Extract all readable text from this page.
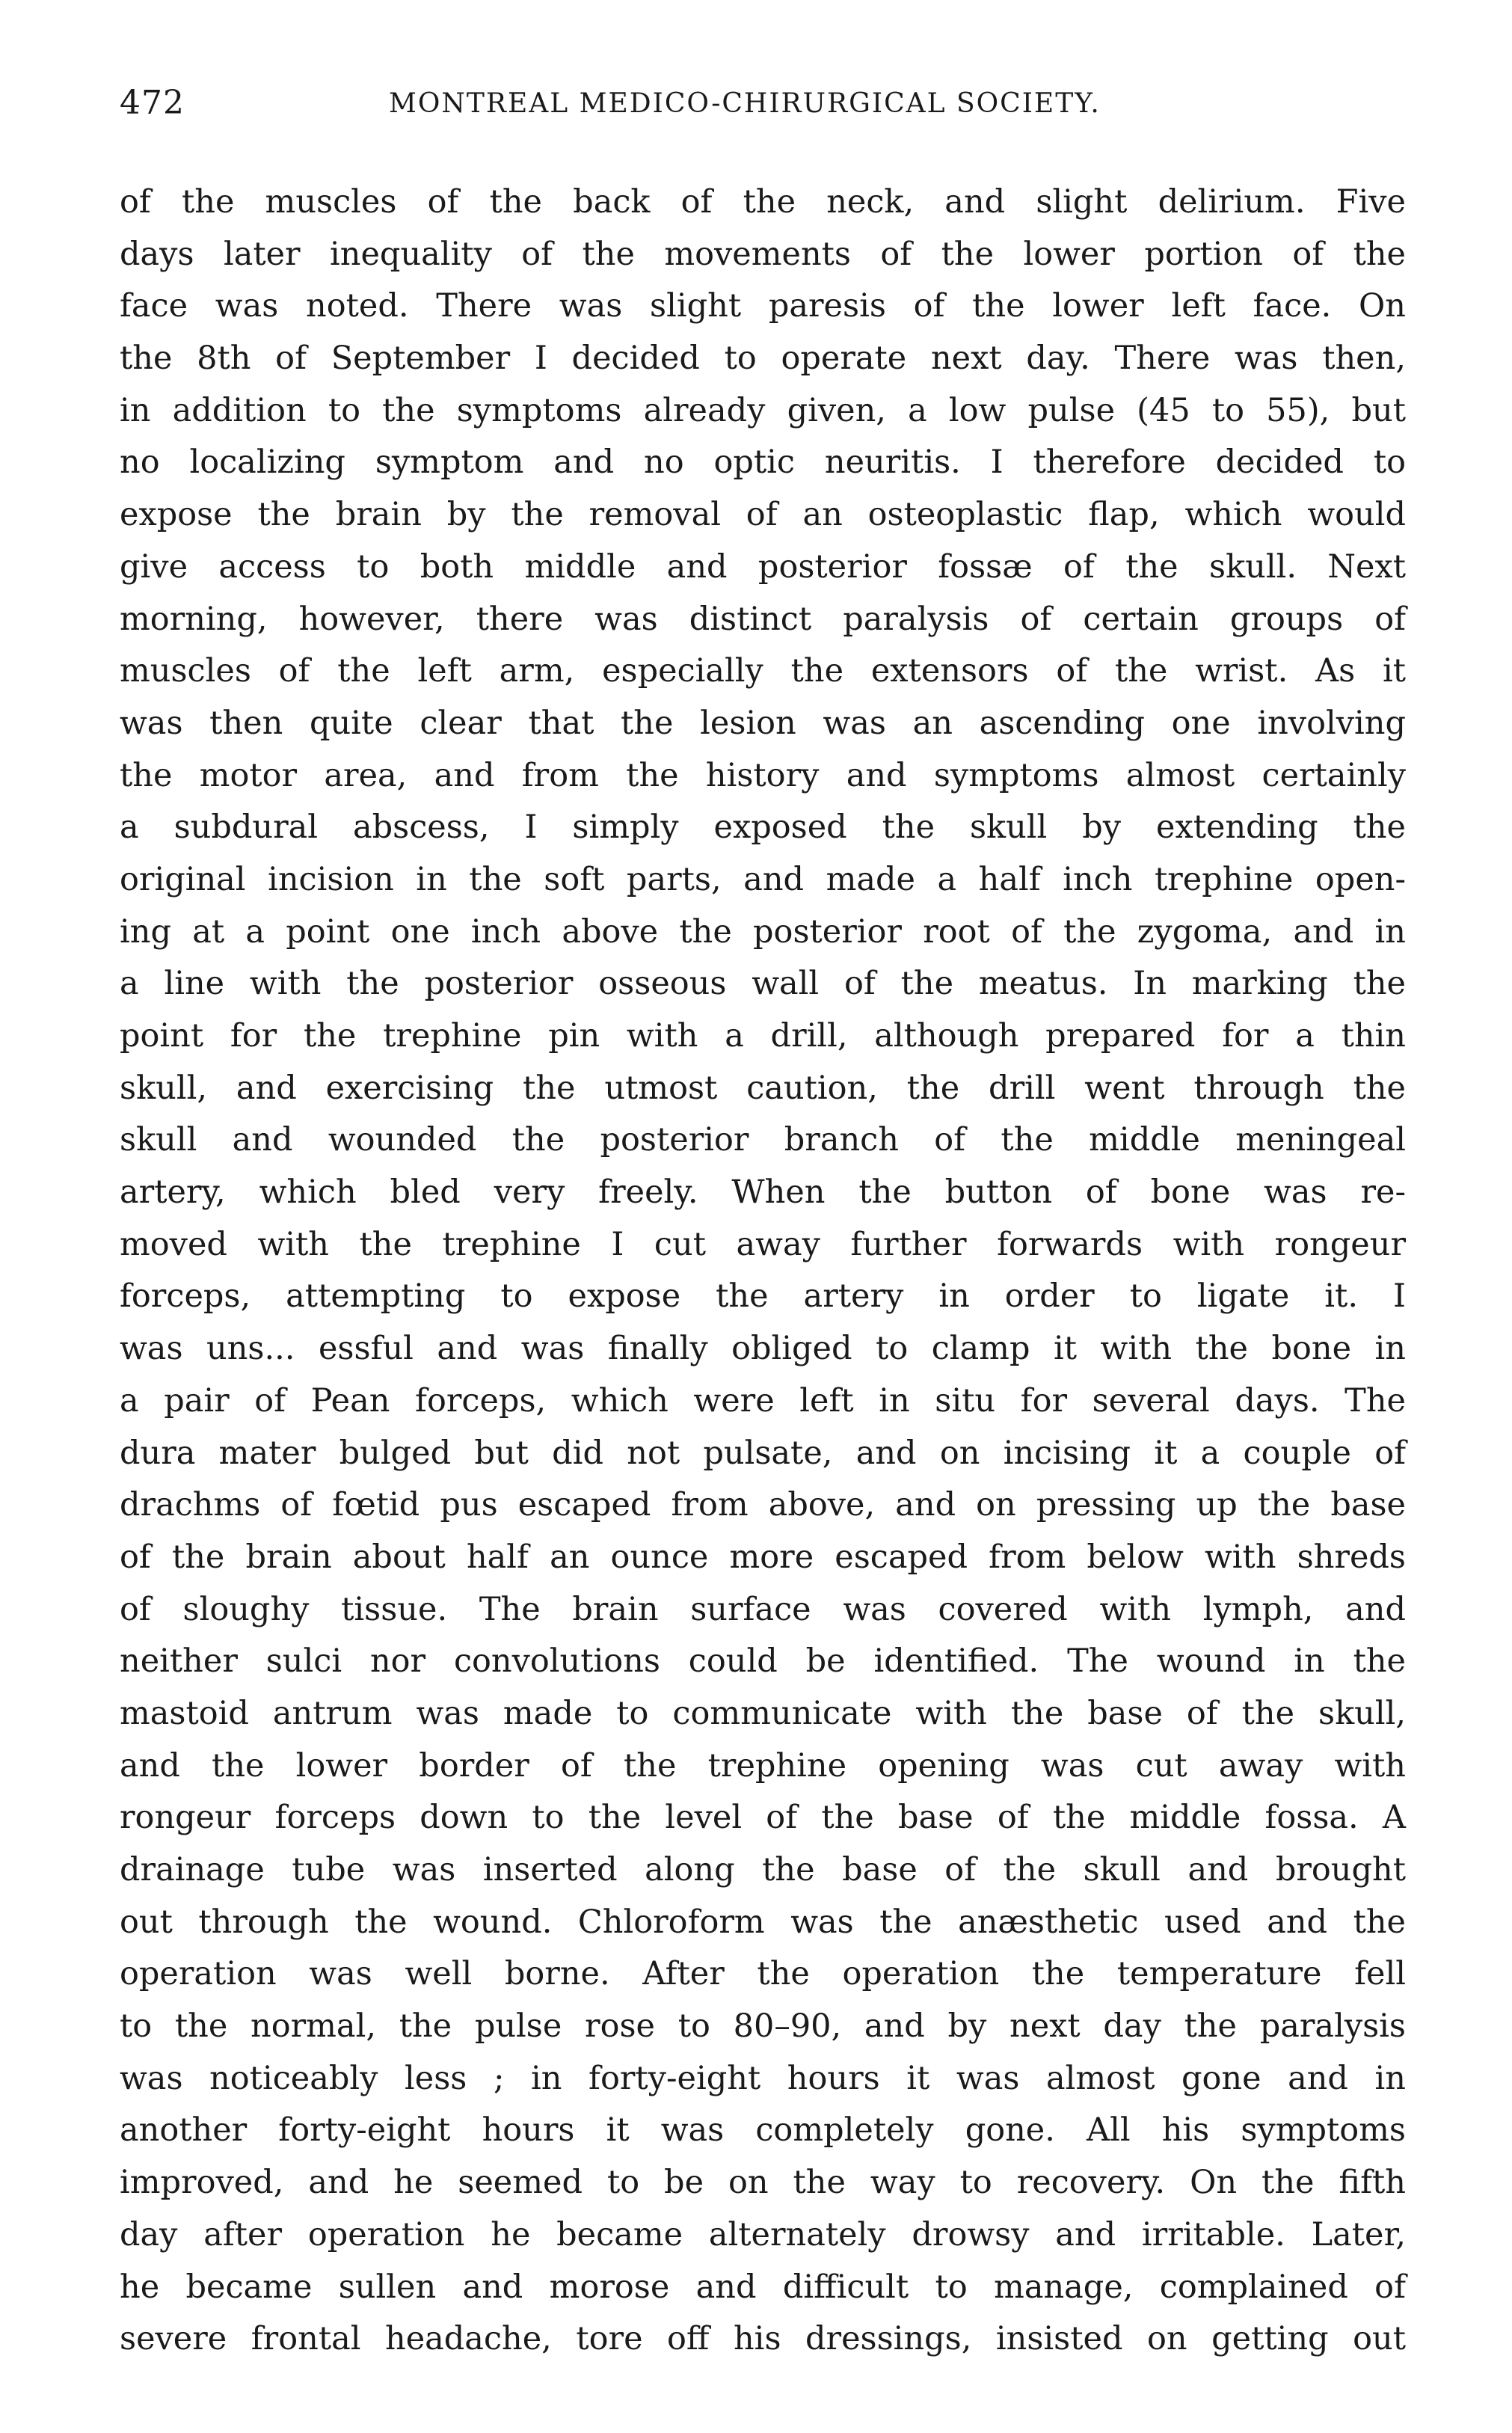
472	MONTREAL MEDICO-CHIRURGICAL SOCIETY.
of the muscles of the back of the neck, and slight delirium. Five
days later inequality of the movements of the lower portion of the
face was noted. There was slight paresis of the lower left face. On
the 8th of September I decided to operate next day. There was then,
in addition to the symptoms already given, a low pulse (45 to 55), but
no localizing symptom and no optic neuritis. I therefore decided to
expose the brain by the removal of an osteoplastic flap, which would
give access to both middle and posterior fossæ of the skull. Next
morning, however, there was distinct paralysis of certain groups of
muscles of the left arm, especially the extensors of the wrist. As it
was then quite clear that the lesion was an ascending one involving
the motor area, and from the history and symptoms almost certainly
a subdural abscess, I simply exposed the skull by extending the
original incision in the soft parts, and made a half inch trephine open-
ing at a point one inch above the posterior root of the zygoma, and in
a line with the posterior osseous wall of the meatus. In marking the
point for the trephine pin with a drill, although prepared for a thin
skull, and exercising the utmost caution, the drill went through the
skull and wounded the posterior branch of the middle meningeal
artery, which bled very freely. When the button of bone was re-
moved with the trephine I cut away further forwards with rongeur
forceps, attempting to expose the artery in order to ligate it. I
was uns... essful and was finally obliged to clamp it with the bone in
a pair of Pean forceps, which were left in situ for several days. The
dura mater bulged but did not pulsate, and on incising it a couple of
drachms of fœtid pus escaped from above, and on pressing up the base
of the brain about half an ounce more escaped from below with shreds
of sloughy tissue. The brain surface was covered with lymph, and
neither sulci nor convolutions could be identified. The wound in the
mastoid antrum was made to communicate with the base of the skull,
and the lower border of the trephine opening was cut away with
rongeur forceps down to the level of the base of the middle fossa. A
drainage tube was inserted along the base of the skull and brought
out through the wound. Chloroform was the anæsthetic used and the
operation was well borne. After the operation the temperature fell
to the normal, the pulse rose to 80–90, and by next day the paralysis
was noticeably less ; in forty-eight hours it was almost gone and in
another forty-eight hours it was completely gone. All his symptoms
improved, and he seemed to be on the way to recovery. On the fifth
day after operation he became alternately drowsy and irritable. Later,
he became sullen and morose and difficult to manage, complained of
severe frontal headache, tore off his dressings, insisted on getting out
